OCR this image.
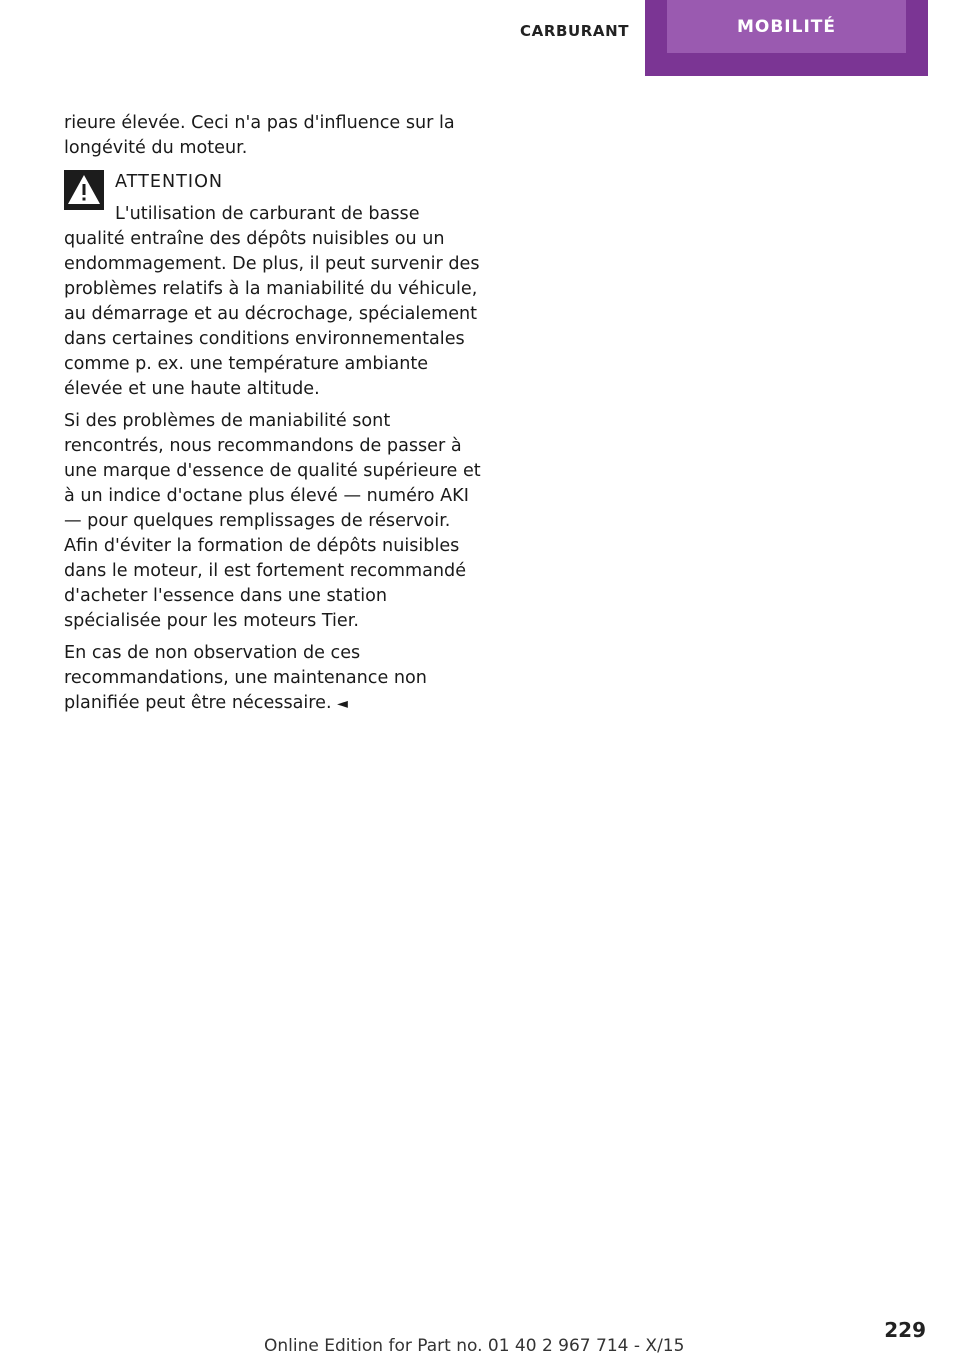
CARBURANT	MOBILITÉ

rieure élevée. Ceci n'a pas d'influence sur la longévité du moteur.

ATTENTION

L'utilisation de carburant de basse qualité entraîne des dépôts nuisibles ou un endommagement. De plus, il peut survenir des problèmes relatifs à la maniabilité du véhicule, au démarrage et au décrochage, spécialement dans certaines conditions environnementales comme p. ex. une température ambiante élevée et une haute altitude.

Si des problèmes de maniabilité sont rencontrés, nous recommandons de passer à une marque d'essence de qualité supérieure et à un indice d'octane plus élevé — numéro AKI — pour quelques remplissages de réservoir. Afin d'éviter la formation de dépôts nuisibles dans le moteur, il est fortement recommandé d'acheter l'essence dans une station spécialisée pour les moteurs Tier.

En cas de non observation de ces recommandations, une maintenance non planifiée peut être nécessaire. ◄

229
Online Edition for Part no. 01 40 2 967 714 - X/15
